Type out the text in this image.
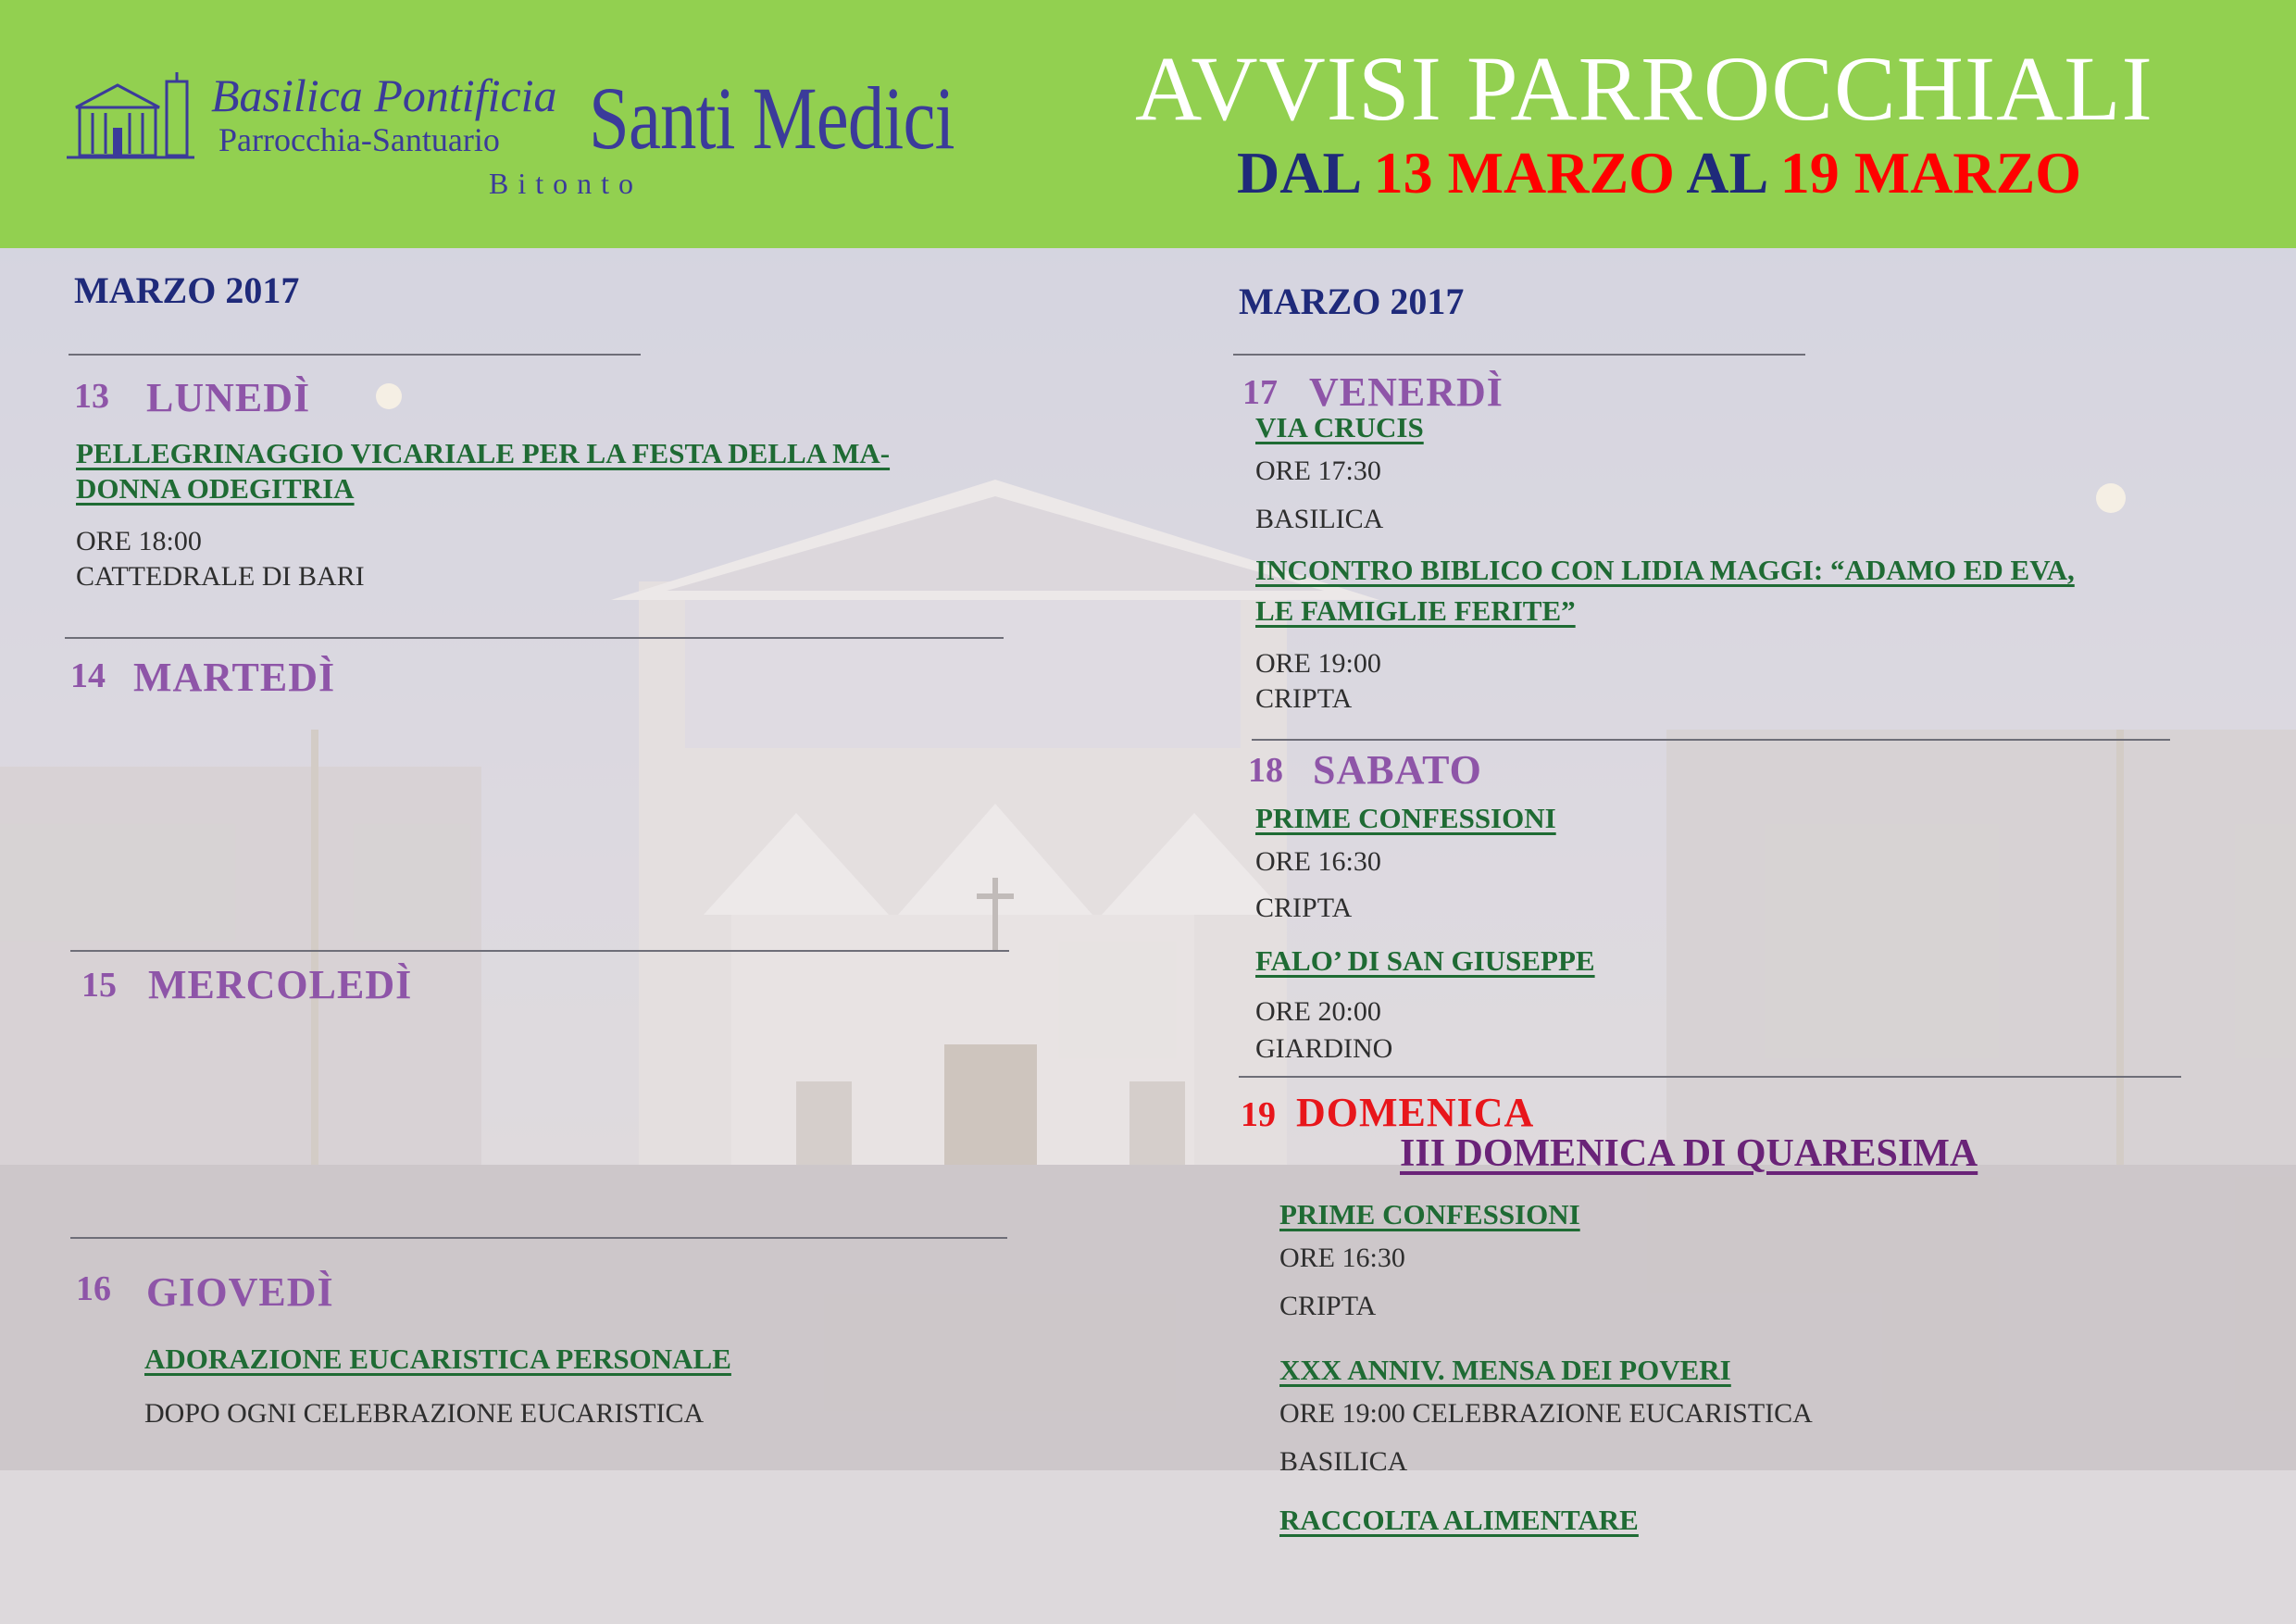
Basilica Pontificia
Parrocchia-Santuario
Bitonto
Santi Medici AVVISI PARROCCHIALI
DAL 13 MARZO AL 19 MARZO
MARZO 2017
13 LUNEDÌ
PELLEGRINAGGIO VICARIALE PER LA FESTA DELLA MA-
DONNA ODEGITRIA
ORE 18:00
CATTEDRALE DI BARI
14 MARTEDÌ
15 MERCOLEDÌ
16 GIOVEDÌ
ADORAZIONE EUCARISTICA PERSONALE
DOPO OGNI CELEBRAZIONE EUCARISTICA
MARZO 2017
17 VENERDÌ
VIA CRUCIS
ORE 17:30
BASILICA
INCONTRO BIBLICO CON LIDIA MAGGI: “ADAMO ED EVA,
LE FAMIGLIE FERITE”
ORE 19:00
CRIPTA
18 SABATO
PRIME CONFESSIONI
ORE 16:30
CRIPTA
FALO’ DI SAN GIUSEPPE
ORE 20:00
GIARDINO
19 DOMENICA
III DOMENICA DI QUARESIMA
PRIME CONFESSIONI
ORE 16:30
CRIPTA
XXX ANNIV. MENSA DEI POVERI
ORE 19:00 CELEBRAZIONE EUCARISTICA
BASILICA
RACCOLTA ALIMENTARE
